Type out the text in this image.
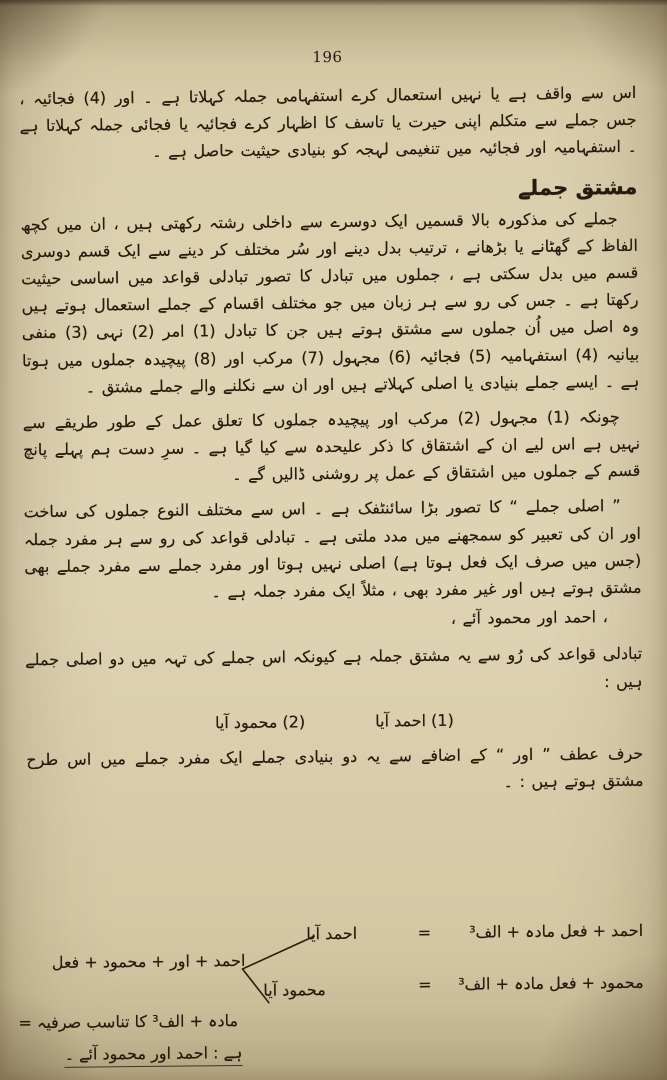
196

اس سے واقف ہے یا نہیں استعمال کرے استفہامی جملہ کہلاتا ہے ۔ اور (4) فجائیہ ، جس جملے سے متکلم اپنی حیرت یا تاسف کا اظہار کرے فجائیہ یا فجائی جملہ کہلاتا ہے ۔ استفہامیہ اور فجائیہ میں تنغیمی لہجہ کو بنیادی حیثیت حاصل ہے ۔

مشتق جملے

جملے کی مذکورہ بالا قسمیں ایک دوسرے سے داخلی رشتہ رکھتی ہیں ، ان میں کچھ الفاظ کے گھٹانے یا بڑھانے ، ترتیب بدل دینے اور سُر مختلف کر دینے سے ایک قسم دوسری قسم میں بدل سکتی ہے ، جملوں میں تبادل کا تصور تبادلی قواعد میں اساسی حیثیت رکھتا ہے ۔ جس کی رو سے ہر زبان میں جو مختلف اقسام کے جملے استعمال ہوتے ہیں وہ اصل میں اُن جملوں سے مشتق ہوتے ہیں جن کا تبادل (1) امر (2) نہی (3) منفی بیانیہ (4) استفہامیہ (5) فجائیہ (6) مجہول (7) مرکب اور (8) پیچیدہ جملوں میں ہوتا ہے ۔ ایسے جملے بنیادی یا اصلی کہلاتے ہیں اور ان سے نکلنے والے جملے مشتق ۔

چونکہ (1) مجہول (2) مرکب اور پیچیدہ جملوں کا تعلق عمل کے طور طریقے سے نہیں ہے اس لیے ان کے اشتقاق کا ذکر علیحدہ سے کیا گیا ہے ۔ سرِ دست ہم پہلے پانچ قسم کے جملوں میں اشتقاق کے عمل پر روشنی ڈالیں گے ۔

” اصلی جملے “ کا تصور بڑا سائنٹفک ہے ۔ اس سے مختلف النوع جملوں کی ساخت اور ان کی تعبیر کو سمجھنے میں مدد ملتی ہے ۔ تبادلی قواعد کی رو سے ہر مفرد جملہ (جس میں صرف ایک فعل ہوتا ہے) اصلی نہیں ہوتا اور مفرد جملے سے مفرد جملے بھی مشتق ہوتے ہیں اور غیر مفرد بھی ، مثلاً ایک مفرد جملہ ہے ۔

، احمد اور محمود آئے ،

تبادلی قواعد کی رُو سے یہ مشتق جملہ ہے کیونکہ اس جملے کی تہہ میں دو اصلی جملے ہیں :

(1) احمد آیا
(2) محمود آیا

حرف عطف ” اور “ کے اضافے سے یہ دو بنیادی جملے ایک مفرد جملے میں اس طرح مشتق ہوتے ہیں : ۔

احمد + فعل مادہ + الف³
=
احمد آیا
محمود + فعل مادہ + الف³
=
محمود آیا
احمد + اور + محمود + فعل
مادہ + الف³ کا تناسب صرفیہ =
ہے : احمد اور محمود آئے ۔
